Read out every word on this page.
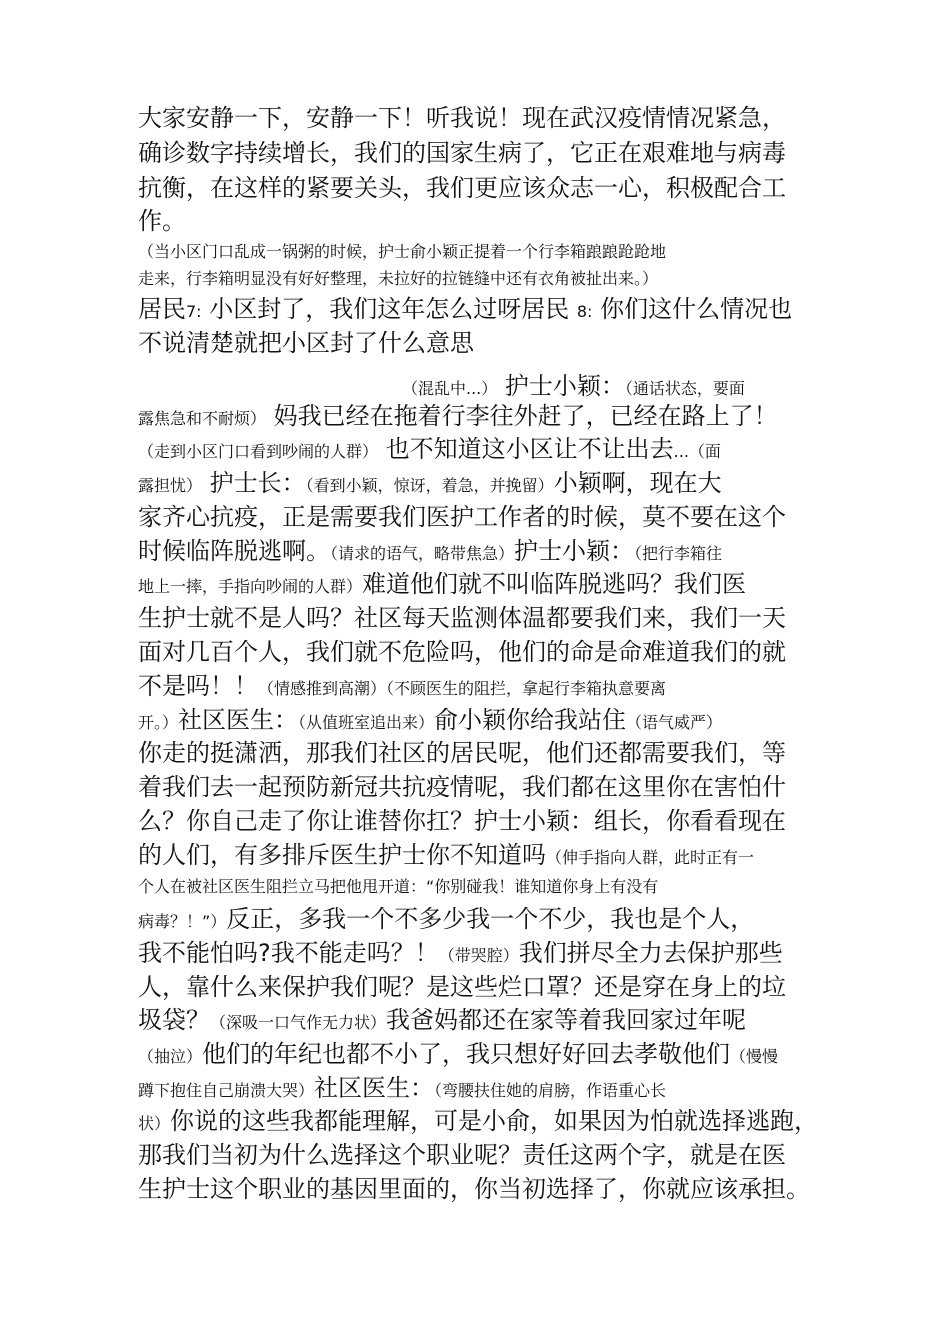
大家安静一下，安静一下！听我说！现在武汉疫情情况紧急，
确诊数字持续增长，我们的国家生病了，它正在艰难地与病毒
抗衡，在这样的紧要关头，我们更应该众志一心，积极配合工
作。
（当小区门口乱成一锅粥的时候，护士俞小颖正提着一个行李箱踉踉跄跄地
走来，行李箱明显没有好好整理，未拉好的拉链缝中还有衣角被扯出来。）
居民7: 小区封了，我们这年怎么过呀居民 8: 你们这什么情况也
不说清楚就把小区封了什么意思
（混乱中...） 护士小颖：（通话状态，要面
露焦急和不耐烦） 妈我已经在拖着行李往外赶了，已经在路上了！
（走到小区门口看到吵闹的人群） 也不知道这小区让不让出去...（面
露担忧） 护士长：（看到小颖，惊讶，着急，并挽留）小颖啊，现在大
家齐心抗疫，正是需要我们医护工作者的时候，莫不要在这个
时候临阵脱逃啊。（请求的语气，略带焦急）护士小颖：（把行李箱往
地上一摔，手指向吵闹的人群）难道他们就不叫临阵脱逃吗？我们医
生护士就不是人吗？社区每天监测体温都要我们来，我们一天
面对几百个人，我们就不危险吗，他们的命是命难道我们的就
不是吗！！（情感推到高潮）（不顾医生的阻拦，拿起行李箱执意要离
开。）社区医生：（从值班室追出来）俞小颖你给我站住（语气威严）
你走的挺潇洒，那我们社区的居民呢，他们还都需要我们，等
着我们去一起预防新冠共抗疫情呢，我们都在这里你在害怕什
么？你自己走了你让谁替你扛？护士小颖：组长，你看看现在
的人们，有多排斥医生护士你不知道吗（伸手指向人群，此时正有一
个人在被社区医生阻拦立马把他甩开道：“你别碰我！谁知道你身上有没有
病毒？！”）反正，多我一个不多少我一个不少，我也是个人，
我不能怕吗?我不能走吗？！（带哭腔）我们拼尽全力去保护那些
人，靠什么来保护我们呢？是这些烂口罩？还是穿在身上的垃
圾袋？（深吸一口气作无力状）我爸妈都还在家等着我回家过年呢
（抽泣）他们的年纪也都不小了，我只想好好回去孝敬他们（慢慢
蹲下抱住自己崩溃大哭）社区医生：（弯腰扶住她的肩膀，作语重心长
状）你说的这些我都能理解，可是小俞，如果因为怕就选择逃跑，
那我们当初为什么选择这个职业呢？责任这两个字，就是在医
生护士这个职业的基因里面的，你当初选择了，你就应该承担。
